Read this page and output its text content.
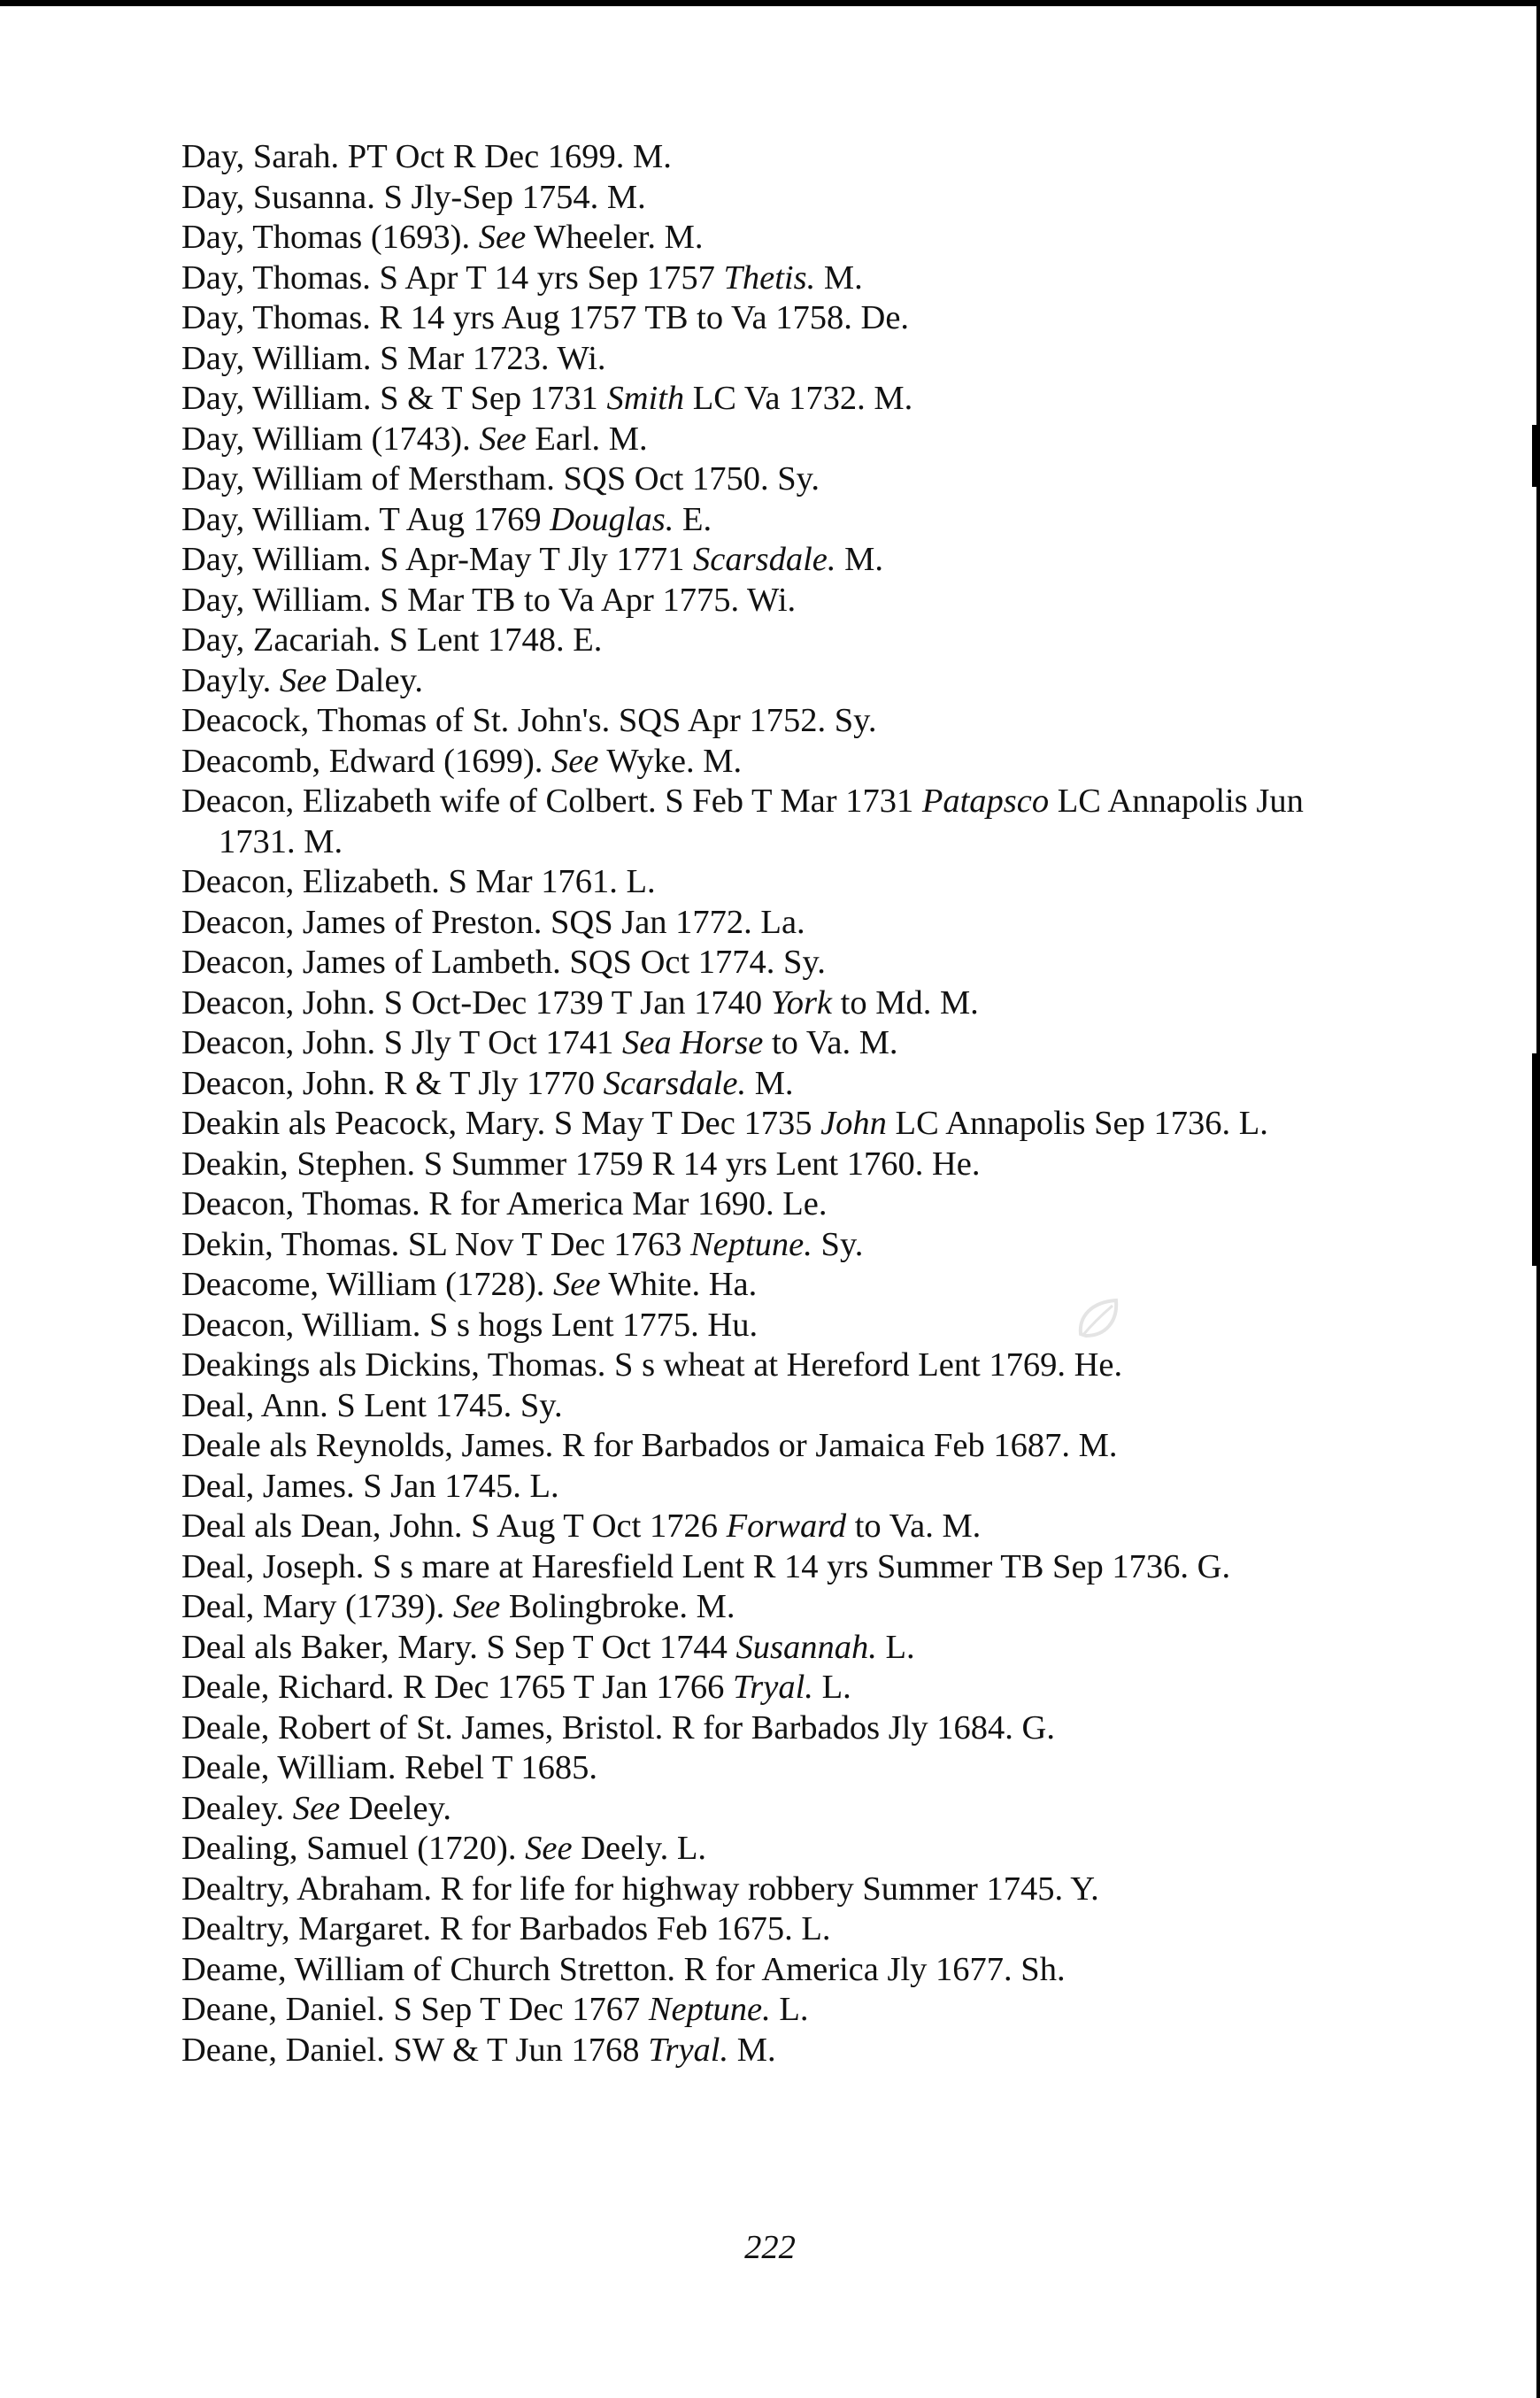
Day, Sarah. PT Oct R Dec 1699. M.

Day, Susanna. S Jly-Sep 1754. M.

Day, Thomas (1693). See Wheeler. M.

Day, Thomas. S Apr T 14 yrs Sep 1757 Thetis. M.

Day, Thomas. R 14 yrs Aug 1757 TB to Va 1758. De.

Day, William. S Mar 1723. Wi.

Day, William. S & T Sep 1731 Smith LC Va 1732. M.

Day, William (1743). See Earl. M.

Day, William of Merstham. SQS Oct 1750. Sy.

Day, William. T Aug 1769 Douglas. E.

Day, William. S Apr-May T Jly 1771 Scarsdale. M.

Day, William. S Mar TB to Va Apr 1775. Wi.

Day, Zacariah. S Lent 1748. E.

Dayly. See Daley.

Deacock, Thomas of St. John's. SQS Apr 1752. Sy.

Deacomb, Edward (1699). See Wyke. M.

Deacon, Elizabeth wife of Colbert. S Feb T Mar 1731 Patapsco LC Annapolis Jun 1731. M.

Deacon, Elizabeth. S Mar 1761. L.

Deacon, James of Preston. SQS Jan 1772. La.

Deacon, James of Lambeth. SQS Oct 1774. Sy.

Deacon, John. S Oct-Dec 1739 T Jan 1740 York to Md. M.

Deacon, John. S Jly T Oct 1741 Sea Horse to Va. M.

Deacon, John. R & T Jly 1770 Scarsdale. M.

Deakin als Peacock, Mary. S May T Dec 1735 John LC Annapolis Sep 1736. L.

Deakin, Stephen. S Summer 1759 R 14 yrs Lent 1760. He.

Deacon, Thomas. R for America Mar 1690. Le.

Dekin, Thomas. SL Nov T Dec 1763 Neptune. Sy.

Deacome, William (1728). See White. Ha.

Deacon, William. S s hogs Lent 1775. Hu.

Deakings als Dickins, Thomas. S s wheat at Hereford Lent 1769. He.

Deal, Ann. S Lent 1745. Sy.

Deale als Reynolds, James. R for Barbados or Jamaica Feb 1687. M.

Deal, James. S Jan 1745. L.

Deal als Dean, John. S Aug T Oct 1726 Forward to Va. M.

Deal, Joseph. S s mare at Haresfield Lent R 14 yrs Summer TB Sep 1736. G.

Deal, Mary (1739). See Bolingbroke. M.

Deal als Baker, Mary. S Sep T Oct 1744 Susannah. L.

Deale, Richard. R Dec 1765 T Jan 1766 Tryal. L.

Deale, Robert of St. James, Bristol. R for Barbados Jly 1684. G.

Deale, William. Rebel T 1685.

Dealey. See Deeley.

Dealing, Samuel (1720). See Deely. L.

Dealtry, Abraham. R for life for highway robbery Summer 1745. Y.

Dealtry, Margaret. R for Barbados Feb 1675. L.

Deame, William of Church Stretton. R for America Jly 1677. Sh.

Deane, Daniel. S Sep T Dec 1767 Neptune. L.

Deane, Daniel. SW & T Jun 1768 Tryal. M.

222
